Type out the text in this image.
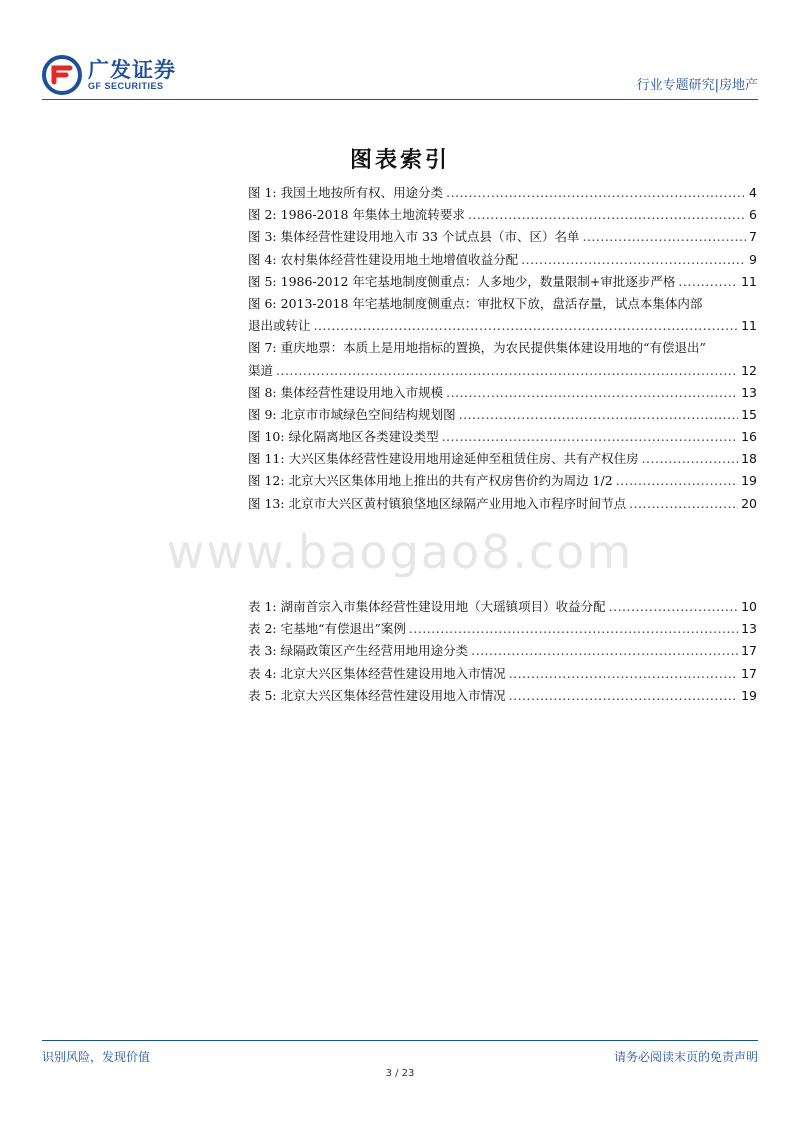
广发证券
GF SECURITIES	行业专题研究|房地产
图表索引
www.baogao8.com
图 1: 我国土地按所有权、用途分类 .....	4
图 2: 1986-2018 年集体土地流转要求 .....	6
图 3: 集体经营性建设用地入市 33 个试点县（市、区）名单 .....	7
图 4: 农村集体经营性建设用地土地增值收益分配 .....	9
图 5: 1986-2012 年宅基地制度侧重点：人多地少，数量限制+审批逐步严格 .....	11
图 6: 2013-2018 年宅基地制度侧重点：审批权下放，盘活存量，试点本集体内部
退出或转让 .....	11
图 7: 重庆地票：本质上是用地指标的置换，为农民提供集体建设用地的“有偿退出”
渠道 .....	12
图 8: 集体经营性建设用地入市规模 .....	13
图 9: 北京市市域绿色空间结构规划图 .....	15
图 10: 绿化隔离地区各类建设类型 .....	16
图 11: 大兴区集体经营性建设用地用途延伸至租赁住房、共有产权住房 .....	18
图 12: 北京大兴区集体用地上推出的共有产权房售价约为周边 1/2 .....	19
图 13: 北京市大兴区黄村镇狼垡地区绿隔产业用地入市程序时间节点 .....	20
表 1: 湖南首宗入市集体经营性建设用地（大瑶镇项目）收益分配 .....	10
表 2: 宅基地“有偿退出”案例 .....	13
表 3: 绿隔政策区产生经营用地用途分类 .....	17
表 4: 北京大兴区集体经营性建设用地入市情况 .....	17
表 5: 北京大兴区集体经营性建设用地入市情况 .....	19
识别风险，发现价值	请务必阅读末页的免责声明
3 / 23
